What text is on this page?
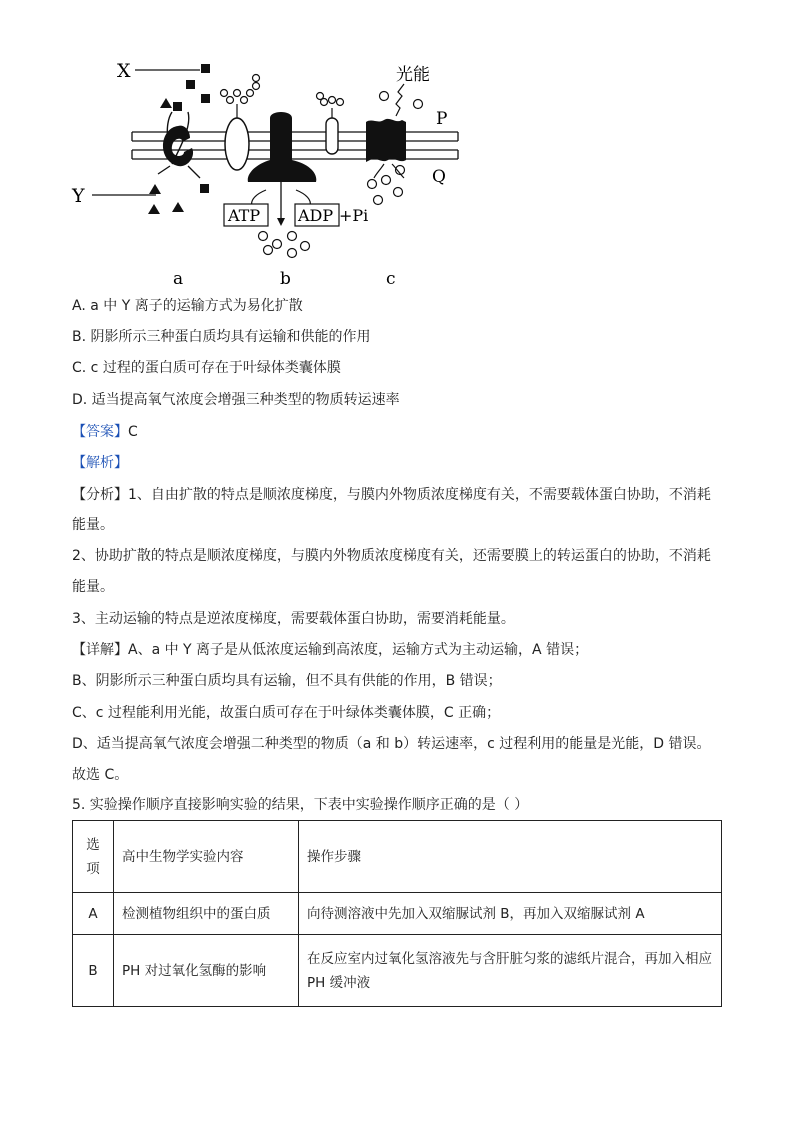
X
Y
ATP ADP +Pi
光能
P
Q
a	b	c
A. a 中 Y 离子的运输方式为易化扩散
B. 阴影所示三种蛋白质均具有运输和供能的作用
C. c 过程的蛋白质可存在于叶绿体类囊体膜
D. 适当提高氧气浓度会增强三种类型的物质转运速率
【答案】C
【解析】
【分析】1、自由扩散的特点是顺浓度梯度，与膜内外物质浓度梯度有关，不需要载体蛋白协助，不消耗
能量。
2、协助扩散的特点是顺浓度梯度，与膜内外物质浓度梯度有关，还需要膜上的转运蛋白的协助，不消耗
能量。
3、主动运输的特点是逆浓度梯度，需要载体蛋白协助，需要消耗能量。
【详解】A、a 中 Y 离子是从低浓度运输到高浓度，运输方式为主动运输，A 错误；
B、阴影所示三种蛋白质均具有运输，但不具有供能的作用，B 错误；
C、c 过程能利用光能，故蛋白质可存在于叶绿体类囊体膜，C 正确；
D、适当提高氧气浓度会增强二种类型的物质（a 和 b）转运速率，c 过程利用的能量是光能，D 错误。
故选 C。
5. 实验操作顺序直接影响实验的结果，下表中实验操作顺序正确的是（ ）
选
项	高中生物学实验内容	操作步骤
A	检测植物组织中的蛋白质	向待测溶液中先加入双缩脲试剂 B，再加入双缩脲试剂 A
B	PH 对过氧化氢酶的影响	在反应室内过氧化氢溶液先与含肝脏匀浆的滤纸片混合，再加入相应 PH 缓冲液
